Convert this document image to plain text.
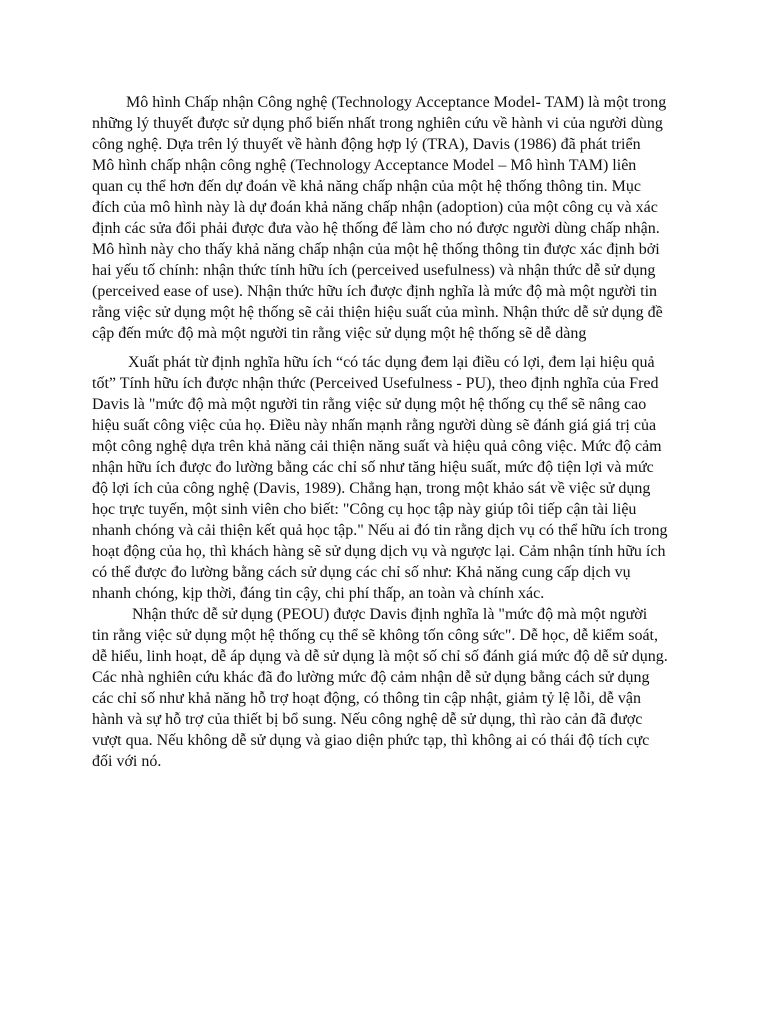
Mô hình Chấp nhận Công nghệ (Technology Acceptance Model- TAM) là một trong

những lý thuyết được sử dụng phổ biến nhất trong nghiên cứu về hành vi của người dùng

công nghệ. Dựa trên lý thuyết về hành động hợp lý (TRA), Davis (1986) đã phát triển

Mô hình chấp nhận công nghệ (Technology Acceptance Model – Mô hình TAM) liên

quan cụ thể hơn đến dự đoán về khả năng chấp nhận của một hệ thống thông tin. Mục

đích của mô hình này là dự đoán khả năng chấp nhận (adoption) của một công cụ và xác

định các sửa đổi phải được đưa vào hệ thống để làm cho nó được người dùng chấp nhận.

Mô hình này cho thấy khả năng chấp nhận của một hệ thống thông tin được xác định bởi

hai yếu tố chính: nhận thức tính hữu ích (perceived usefulness) và nhận thức dễ sử dụng

(perceived ease of use). Nhận thức hữu ích được định nghĩa là mức độ mà một người tin

rằng việc sử dụng một hệ thống sẽ cải thiện hiệu suất của mình. Nhận thức dễ sử dụng đề

cập đến mức độ mà một người tin rằng việc sử dụng một hệ thống sẽ dễ dàng

Xuất phát từ định nghĩa hữu ích “có tác dụng đem lại điều có lợi, đem lại hiệu quả

tốt” Tính hữu ích được nhận thức (Perceived Usefulness - PU), theo định nghĩa của Fred

Davis là "mức độ mà một người tin rằng việc sử dụng một hệ thống cụ thể sẽ nâng cao

hiệu suất công việc của họ. Điều này nhấn mạnh rằng người dùng sẽ đánh giá giá trị của

một công nghệ dựa trên khả năng cải thiện năng suất và hiệu quả công việc. Mức độ cảm

nhận hữu ích được đo lường bằng các chỉ số như tăng hiệu suất, mức độ tiện lợi và mức

độ lợi ích của công nghệ (Davis, 1989). Chẳng hạn, trong một khảo sát về việc sử dụng

học trực tuyến, một sinh viên cho biết: "Công cụ học tập này giúp tôi tiếp cận tài liệu

nhanh chóng và cải thiện kết quả học tập." Nếu ai đó tin rằng dịch vụ có thể hữu ích trong

hoạt động của họ, thì khách hàng sẽ sử dụng dịch vụ và ngược lại. Cảm nhận tính hữu ích

có thể được đo lường bằng cách sử dụng các chỉ số như: Khả năng cung cấp dịch vụ

nhanh chóng, kịp thời, đáng tin cậy, chi phí thấp, an toàn và chính xác.

Nhận thức dễ sử dụng (PEOU) được Davis định nghĩa là "mức độ mà một người

tin rằng việc sử dụng một hệ thống cụ thể sẽ không tốn công sức". Dễ học, dễ kiểm soát,

dễ hiểu, linh hoạt, dễ áp dụng và dễ sử dụng là một số chỉ số đánh giá mức độ dễ sử dụng.

Các nhà nghiên cứu khác đã đo lường mức độ cảm nhận dễ sử dụng bằng cách sử dụng

các chỉ số như khả năng hỗ trợ hoạt động, có thông tin cập nhật, giảm tỷ lệ lỗi, dễ vận

hành và sự hỗ trợ của thiết bị bổ sung. Nếu công nghệ dễ sử dụng, thì rào cản đã được

vượt qua. Nếu không dễ sử dụng và giao diện phức tạp, thì không ai có thái độ tích cực

đối với nó.
